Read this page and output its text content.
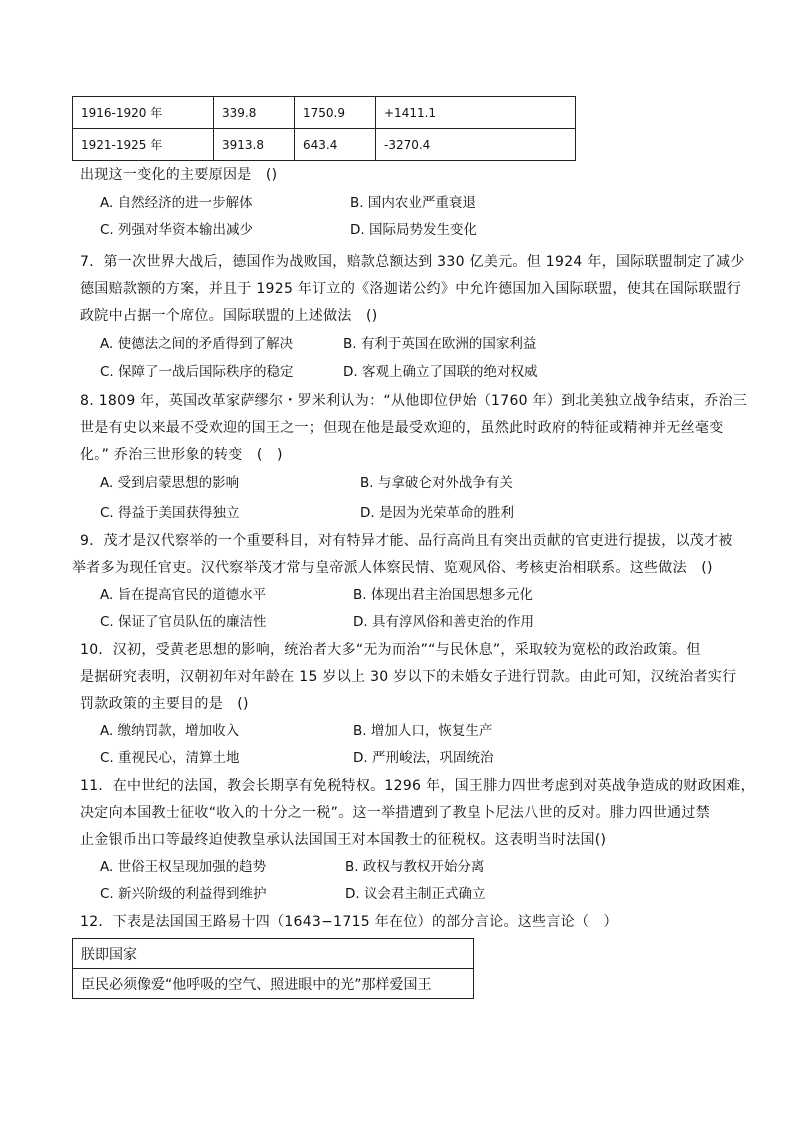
1916-1920 年	339.8	1750.9	+1411.1
1921-1925 年	3913.8	643.4	-3270.4
出现这一变化的主要原因是　()
A. 自然经济的进一步解体	B. 国内农业严重衰退
C. 列强对华资本输出减少	D. 国际局势发生变化
7．第一次世界大战后，德国作为战败国，赔款总额达到 330 亿美元。但 1924 年，国际联盟制定了减少
德国赔款额的方案，并且于 1925 年订立的《洛迦诺公约》中允许德国加入国际联盟，使其在国际联盟行
政院中占据一个席位。国际联盟的上述做法　()
A. 使德法之间的矛盾得到了解决	B. 有利于英国在欧洲的国家利益
C. 保障了一战后国际秩序的稳定	D. 客观上确立了国联的绝对权威
8. 1809 年，英国改革家萨缪尔・罗米利认为：“从他即位伊始（1760 年）到北美独立战争结束，乔治三
世是有史以来最不受欢迎的国王之一；但现在他是最受欢迎的，虽然此时政府的特征或精神并无丝毫变
化。” 乔治三世形象的转变　(　)
A. 受到启蒙思想的影响	B. 与拿破仑对外战争有关
C. 得益于美国获得独立	D. 是因为光荣革命的胜利
9．茂才是汉代察举的一个重要科目，对有特异才能、品行高尚且有突出贡献的官吏进行提拔，以茂才被
举者多为现任官吏。汉代察举茂才常与皇帝派人体察民情、览观风俗、考核吏治相联系。这些做法　()
A. 旨在提高官民的道德水平	B. 体现出君主治国思想多元化
C. 保证了官员队伍的廉洁性	D. 具有淳风俗和善吏治的作用
10．汉初，受黄老思想的影响，统治者大多“无为而治”“与民休息”，采取较为宽松的政治政策。但
是据研究表明，汉朝初年对年龄在 15 岁以上 30 岁以下的未婚女子进行罚款。由此可知，汉统治者实行
罚款政策的主要目的是　()
A. 缴纳罚款，增加收入	B. 增加人口，恢复生产
C. 重视民心，清算土地	D. 严刑峻法，巩固统治
11．在中世纪的法国，教会长期享有免税特权。1296 年，国王腓力四世考虑到对英战争造成的财政困难，
决定向本国教士征收“收入的十分之一税”。这一举措遭到了教皇卜尼法八世的反对。腓力四世通过禁
止金银币出口等最终迫使教皇承认法国国王对本国教士的征税权。这表明当时法国()
A. 世俗王权呈现加强的趋势	B. 政权与教权开始分离
C. 新兴阶级的利益得到维护	D. 议会君主制正式确立
12．下表是法国国王路易十四（1643−1715 年在位）的部分言论。这些言论（　）
朕即国家
臣民必须像爱“他呼吸的空气、照进眼中的光”那样爱国王
